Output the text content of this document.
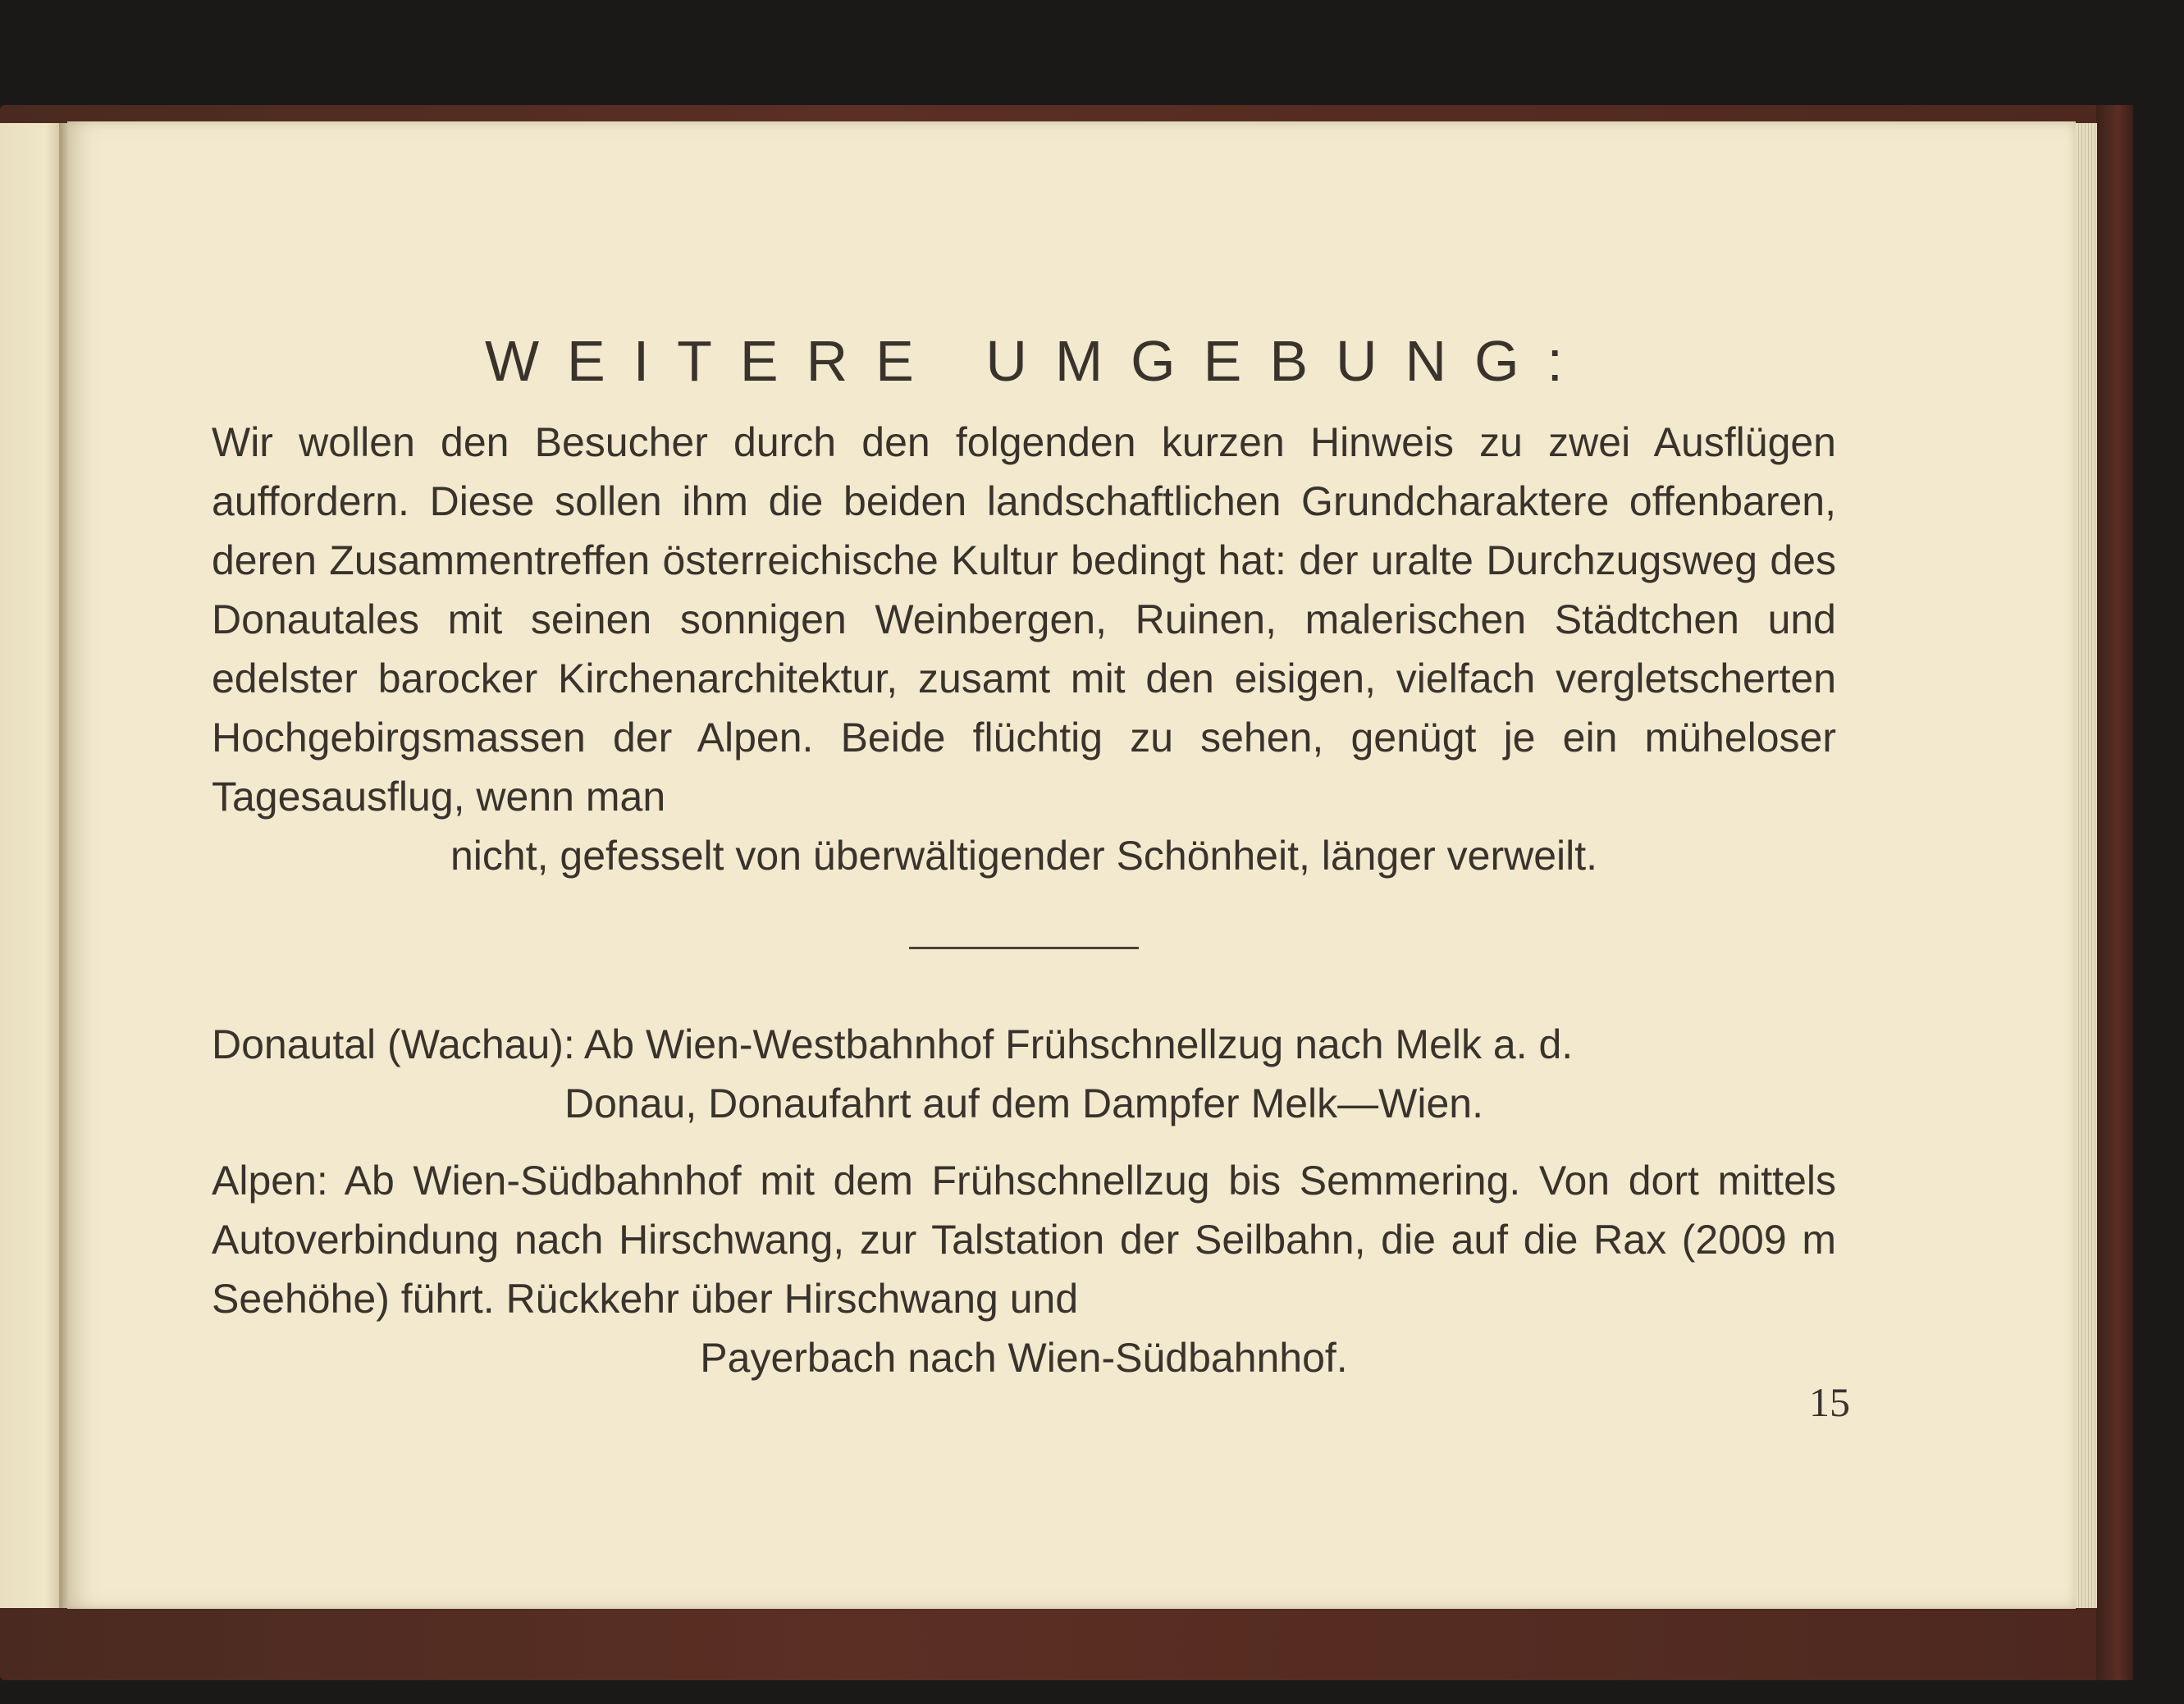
WEITERE UMGEBUNG:

Wir wollen den Besucher durch den folgenden kurzen Hinweis zu zwei Ausflügen auffordern. Diese sollen ihm die beiden landschaftlichen Grundcharaktere offenbaren, deren Zusammentreffen österreichische Kultur bedingt hat: der uralte Durchzugsweg des Donautales mit seinen sonnigen Weinbergen, Ruinen, malerischen Städtchen und edelster barocker Kirchenarchitektur, zusamt mit den eisigen, vielfach vergletscherten Hochgebirgsmassen der Alpen. Beide flüchtig zu sehen, genügt je ein müheloser Tagesausflug, wenn man
nicht, gefesselt von überwältigender Schönheit, länger verweilt.

Donautal (Wachau): Ab Wien-Westbahnhof Frühschnellzug nach Melk a. d.
Donau, Donaufahrt auf dem Dampfer Melk—Wien.

Alpen: Ab Wien-Südbahnhof mit dem Frühschnellzug bis Semmering. Von dort mittels Autoverbindung nach Hirschwang, zur Talstation der Seilbahn, die auf die Rax (2009 m Seehöhe) führt. Rückkehr über Hirschwang und
Payerbach nach Wien-Südbahnhof.

15
